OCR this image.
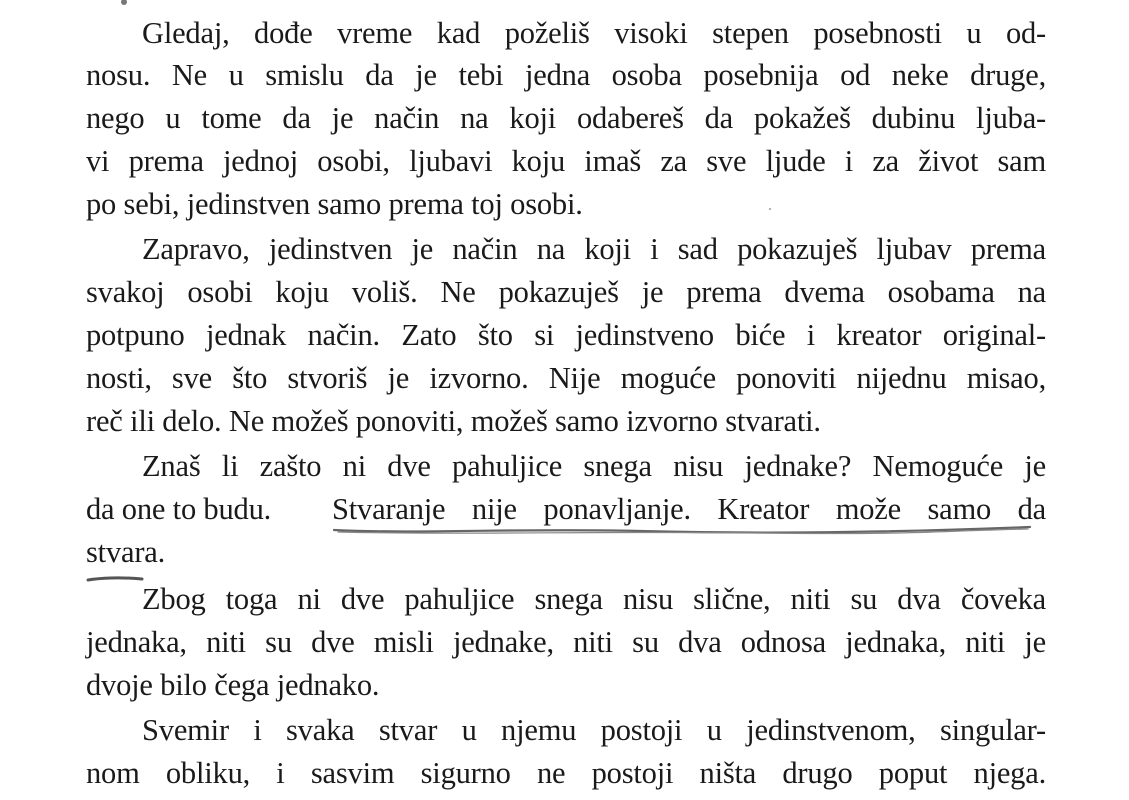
Gledaj, dođe vreme kad poželiš visoki stepen posebnosti u od-
nosu. Ne u smislu da je tebi jedna osoba posebnija od neke druge,
nego u tome da je način na koji odabereš da pokažeš dubinu ljuba-
vi prema jednoj osobi, ljubavi koju imaš za sve ljude i za život sam
po sebi, jedinstven samo prema toj osobi.
Zapravo, jedinstven je način na koji i sad pokazuješ ljubav prema
svakoj osobi koju voliš. Ne pokazuješ je prema dvema osobama na
potpuno jednak način. Zato što si jedinstveno biće i kreator original-
nosti, sve što stvoriš je izvorno. Nije moguće ponoviti nijednu misao,
reč ili delo. Ne možeš ponoviti, možeš samo izvorno stvarati.
Znaš li zašto ni dve pahuljice snega nisu jednake? Nemoguće je
da one to budu.	Stvaranje nije ponavljanje. Kreator može samo da
stvara.
Zbog toga ni dve pahuljice snega nisu slične, niti su dva čoveka
jednaka, niti su dve misli jednake, niti su dva odnosa jednaka, niti je
dvoje bilo čega jednako.
Svemir i svaka stvar u njemu postoji u jedinstvenom, singular-
nom obliku, i sasvim sigurno ne postoji ništa drugo poput njega.
